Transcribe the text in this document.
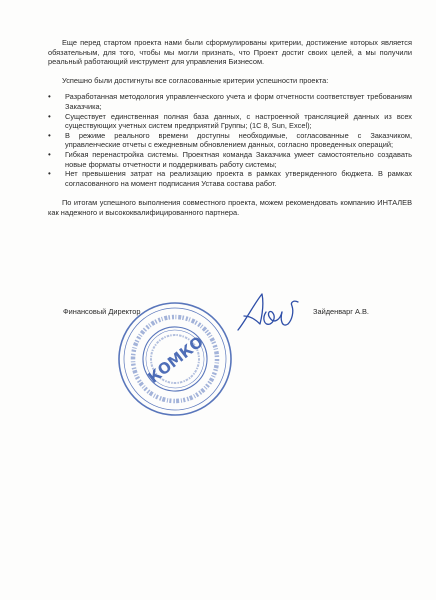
Еще перед стартом проекта нами были сформулированы критерии, достижение которых является обязательным, для того, чтобы мы могли признать, что Проект достиг своих целей, а мы получили реальный работающий инструмент для управления Бизнесом.

Успешно были достигнуты все согласованные критерии успешности проекта:

• Разработанная методология управленческого учета и форм отчетности соответствует требованиям Заказчика;
• Существует единственная полная база данных, с настроенной трансляцией данных из всех существующих учетных систем предприятий Группы; (1С 8, Sun, Excel);
• В режиме реального времени доступны необходимые, согласованные с Заказчиком, управленческие отчеты с ежедневным обновлением данных, согласно проведенных операций;
• Гибкая перенастройка системы. Проектная команда Заказчика умеет самостоятельно создавать новые форматы отчетности и поддерживать работу системы;
• Нет превышения затрат на реализацию проекта в рамках утвержденного бюджета. В рамках согласованного на момент подписания Устава состава работ.

По итогам успешного выполнения совместного проекта, можем рекомендовать компанию ИНТАЛЕВ как надежного и высококвалифицированного партнера.

КОМКО
Финансовый Директор	Зайденварг А.В.
